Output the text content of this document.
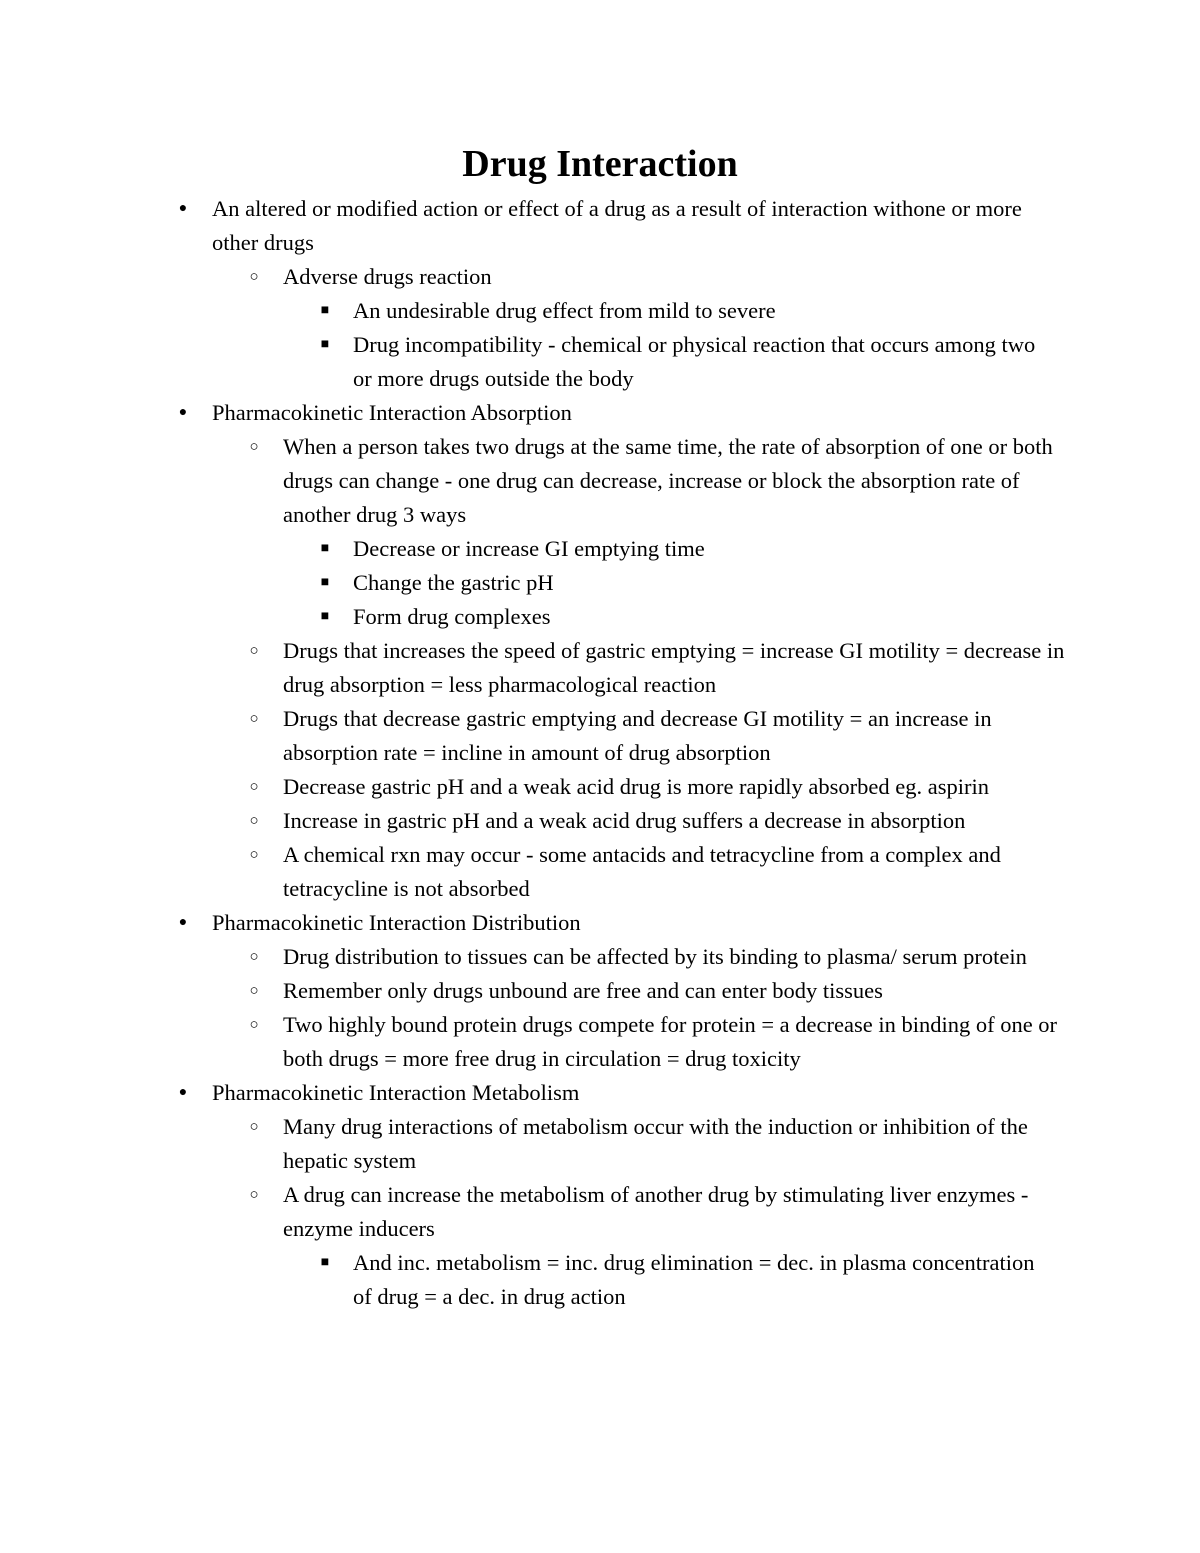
Drug Interaction
● An altered or modified action or effect of a drug as a result of interaction withone or more other drugs
○ Adverse drugs reaction
■ An undesirable drug effect from mild to severe
■ Drug incompatibility - chemical or physical reaction that occurs among two or more drugs outside the body
● Pharmacokinetic Interaction Absorption
○ When a person takes two drugs at the same time, the rate of absorption of one or both drugs can change - one drug can decrease, increase or block the absorption rate of another drug 3 ways
■ Decrease or increase GI emptying time
■ Change the gastric pH
■ Form drug complexes
○ Drugs that increases the speed of gastric emptying = increase GI motility = decrease in drug absorption = less pharmacological reaction
○ Drugs that decrease gastric emptying and decrease GI motility = an increase in absorption rate = incline in amount of drug absorption
○ Decrease gastric pH and a weak acid drug is more rapidly absorbed eg. aspirin
○ Increase in gastric pH and a weak acid drug suffers a decrease in absorption
○ A chemical rxn may occur - some antacids and tetracycline from a complex and tetracycline is not absorbed
● Pharmacokinetic Interaction Distribution
○ Drug distribution to tissues can be affected by its binding to plasma/ serum protein
○ Remember only drugs unbound are free and can enter body tissues
○ Two highly bound protein drugs compete for protein = a decrease in binding of one or both drugs = more free drug in circulation = drug toxicity
● Pharmacokinetic Interaction Metabolism
○ Many drug interactions of metabolism occur with the induction or inhibition of the hepatic system
○ A drug can increase the metabolism of another drug by stimulating liver enzymes - enzyme inducers
■ And inc. metabolism = inc. drug elimination = dec. in plasma concentration of drug = a dec. in drug action
